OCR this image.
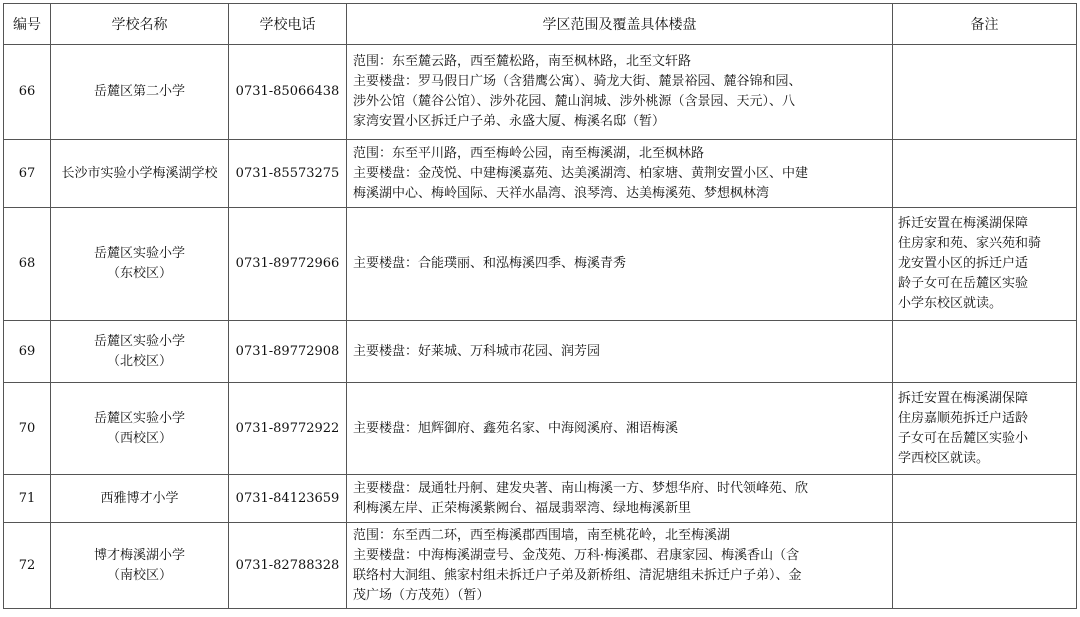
编号	学校名称	学校电话	学区范围及覆盖具体楼盘	备注
66	岳麓区第二小学	0731-85066438	范围：东至麓云路，西至麓松路，南至枫林路，北至文轩路
主要楼盘：罗马假日广场（含猎鹰公寓）、骑龙大街、麓景裕园、麓谷锦和园、
涉外公馆（麓谷公馆）、涉外花园、麓山润城、涉外桃源（含景园、天元）、八
家湾安置小区拆迁户子弟、永盛大厦、梅溪名邸（暂）	

67	长沙市实验小学梅溪湖学校	0731-85573275	范围：东至平川路，西至梅岭公园，南至梅溪湖，北至枫林路
主要楼盘：金茂悦、中建梅溪嘉苑、达美溪湖湾、柏家塘、黄荆安置小区、中建
梅溪湖中心、梅岭国际、天祥水晶湾、浪琴湾、达美梅溪苑、梦想枫林湾	

68	岳麓区实验小学
（东校区）	0731-89772966	主要楼盘：合能璞丽、和泓梅溪四季、梅溪青秀	拆迁安置在梅溪湖保障
住房家和苑、家兴苑和骑
龙安置小区的拆迁户适
龄子女可在岳麓区实验
小学东校区就读。

69	岳麓区实验小学
（北校区）	0731-89772908	主要楼盘：好莱城、万科城市花园、润芳园	

70	岳麓区实验小学
（西校区）	0731-89772922	主要楼盘：旭辉御府、鑫苑名家、中海阅溪府、湘语梅溪	拆迁安置在梅溪湖保障
住房嘉顺苑拆迁户适龄
子女可在岳麓区实验小
学西校区就读。

71	西雅博才小学	0731-84123659	主要楼盘：晟通牡丹舸、建发央著、南山梅溪一方、梦想华府、时代领峰苑、欣
利梅溪左岸、正荣梅溪紫阙台、福晟翡翠湾、绿地梅溪新里	

72	博才梅溪湖小学
（南校区）	0731-82788328	范围：东至西二环，西至梅溪郡西围墙，南至桃花岭，北至梅溪湖
主要楼盘：中海梅溪湖壹号、金茂苑、万科·梅溪郡、君康家园、梅溪香山（含
联络村大洞组、熊家村组未拆迁户子弟及新桥组、清泥塘组未拆迁户子弟）、金
茂广场（方茂苑）（暂）	
